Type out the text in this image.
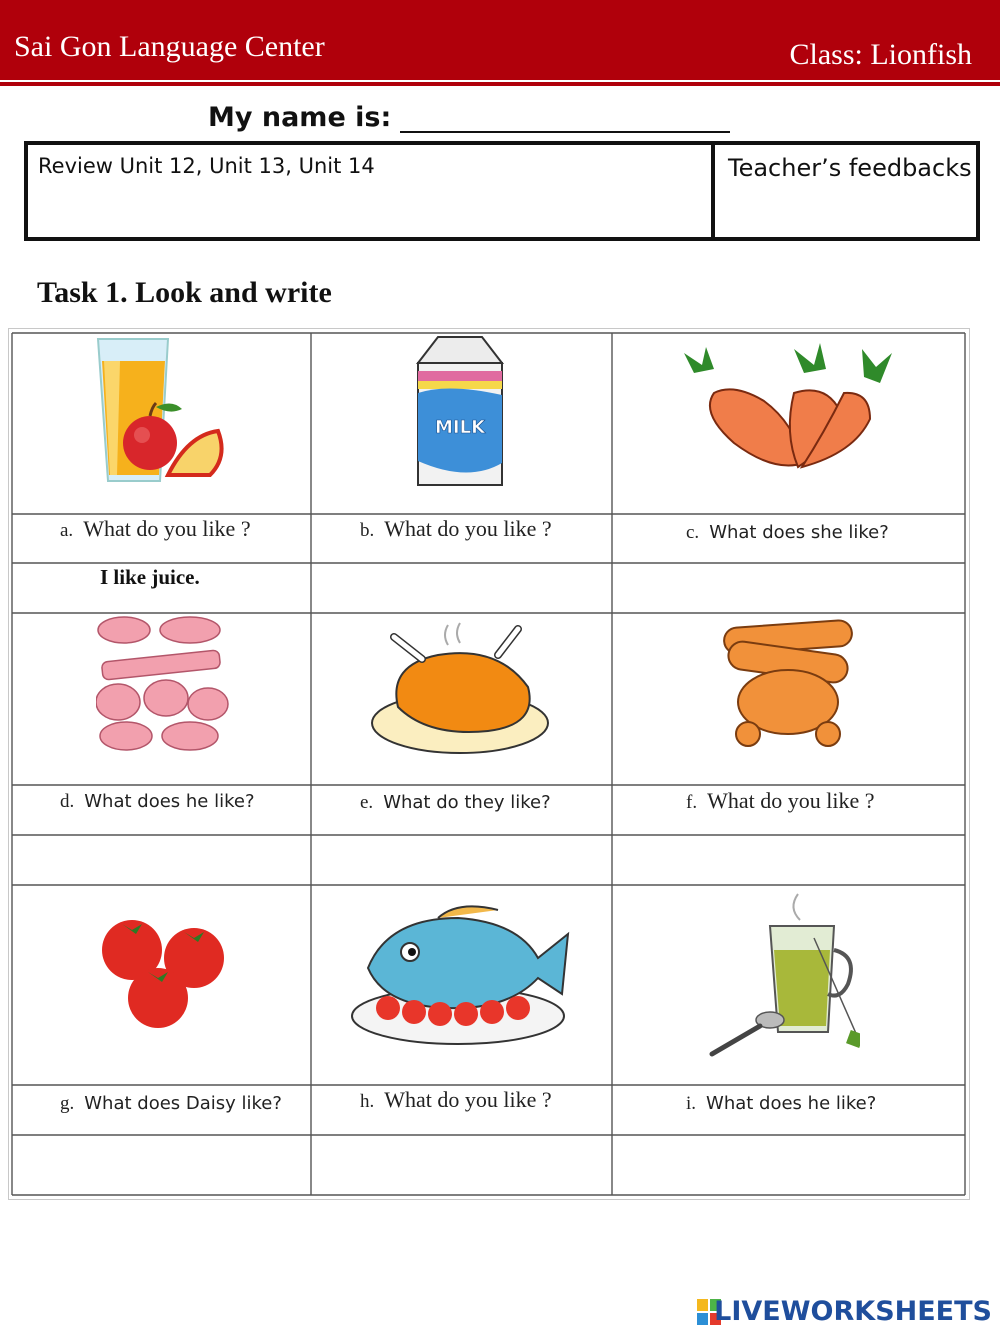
Sai Gon Language Center	Class: Lionfish
My name is:
Review Unit 12, Unit 13, Unit 14	Teacher’s feedbacks
Task 1. Look and write
a. What do you like ?	b. What do you like ?	c. What does she like?
I like juice.
d. What does he like?	e. What do they like?	f. What do you like ?
g. What does Daisy like?	h. What do you like ?	i. What does he like?
MILK
LIVEWORKSHEETS
